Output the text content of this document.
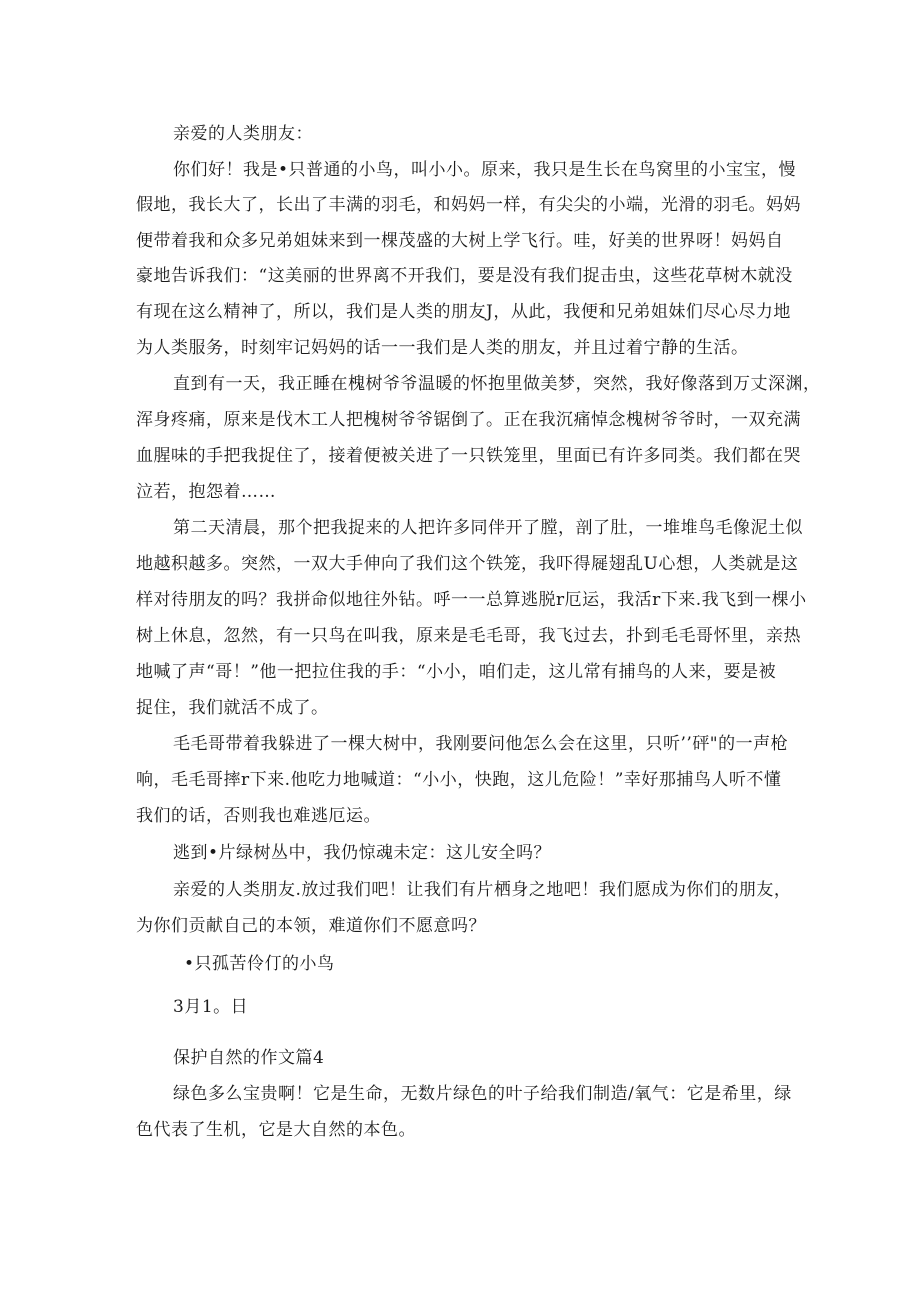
亲爱的人类朋友：
你们好！我是•只普通的小鸟，叫小小。原来，我只是生长在鸟窝里的小宝宝，慢
假地，我长大了，长出了丰满的羽毛，和妈妈一样，有尖尖的小端，光滑的羽毛。妈妈
便带着我和众多兄弟姐妹来到一棵茂盛的大树上学飞行。哇，好美的世界呀！妈妈自
豪地告诉我们：“这美丽的世界离不开我们，要是没有我们捉击虫，这些花草树木就没
有现在这么精神了，所以，我们是人类的朋友J，从此，我便和兄弟姐妹们尽心尽力地
为人类服务，时刻牢记妈妈的话一一我们是人类的朋友，并且过着宁静的生活。
直到有一天，我正睡在槐树爷爷温暖的怀抱里做美梦，突然，我好像落到万丈深渊，
浑身疼痛，原来是伐木工人把槐树爷爷锯倒了。正在我沉痛悼念槐树爷爷时，一双充满
血腥味的手把我捉住了，接着便被关进了一只铁笼里，里面已有许多同类。我们都在哭
泣若，抱怨着……
第二天清晨，那个把我捉来的人把许多同伴开了膛，剖了肚，一堆堆鸟毛像泥土似
地越积越多。突然，一双大手伸向了我们这个铁笼，我吓得屣翅乱U心想，人类就是这
样对待朋友的吗？我拼命似地往外钻。呼一一总算逃脱r厄运，我活r下来.我飞到一棵小
树上休息，忽然，有一只鸟在叫我，原来是毛毛哥，我飞过去，扑到毛毛哥怀里，亲热
地喊了声“哥！”他一把拉住我的手：“小小，咱们走，这儿常有捕鸟的人来，要是被
捉住，我们就活不成了。
毛毛哥带着我躲进了一棵大树中，我刚要问他怎么会在这里，只听’’砰"的一声枪
响，毛毛哥摔r下来.他吃力地喊道：“小小，快跑，这儿危险！”幸好那捕鸟人听不懂
我们的话，否则我也难逃厄运。
逃到•片绿树丛中，我仍惊魂未定：这儿安全吗？
亲爱的人类朋友.放过我们吧！让我们有片栖身之地吧！我们愿成为你们的朋友，
为你们贡献自己的本领，难道你们不愿意吗？
•只孤苦伶仃的小鸟
3月1。日
保护自然的作文篇4
绿色多么宝贵啊！它是生命，无数片绿色的叶子给我们制造/氧气：它是希里，绿
色代表了生机，它是大自然的本色。
